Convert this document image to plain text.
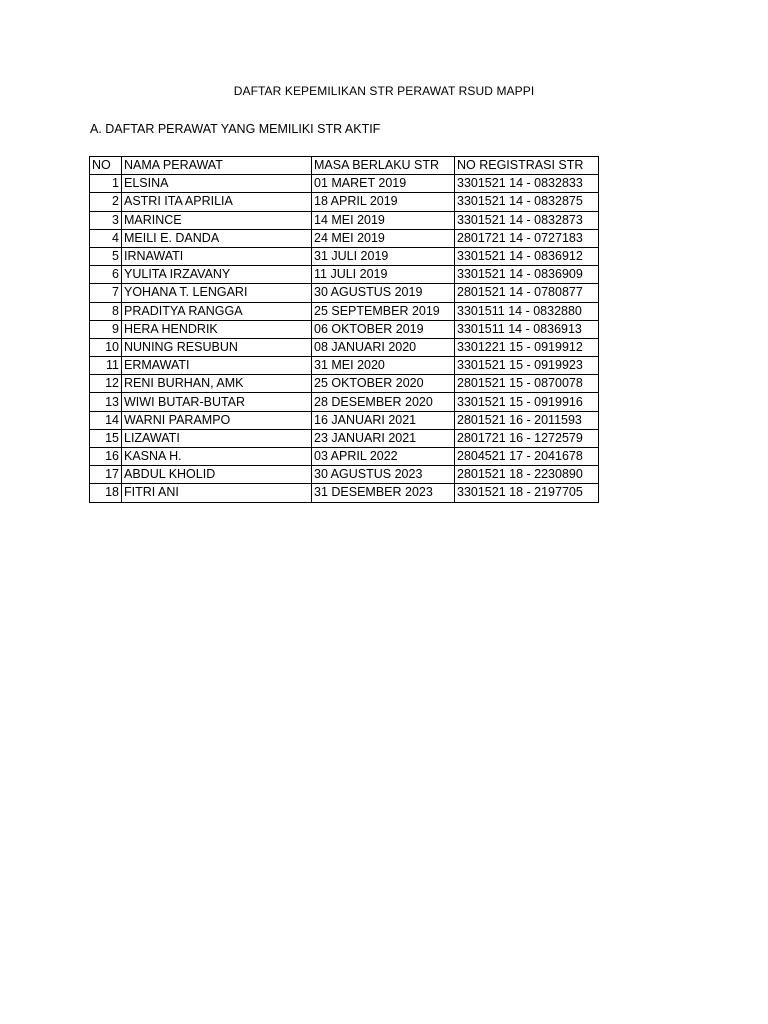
DAFTAR KEPEMILIKAN STR PERAWAT RSUD MAPPI
A. DAFTAR PERAWAT YANG MEMILIKI STR AKTIF
NO	NAMA PERAWAT	MASA BERLAKU STR	NO REGISTRASI STR
1	ELSINA	01 MARET 2019	3301521 14 - 0832833
2	ASTRI ITA APRILIA	18 APRIL 2019	3301521 14 - 0832875
3	MARINCE	14 MEI 2019	3301521 14 - 0832873
4	MEILI E. DANDA	24 MEI 2019	2801721 14 - 0727183
5	IRNAWATI	31 JULI 2019	3301521 14 - 0836912
6	YULITA IRZAVANY	11 JULI 2019	3301521 14 - 0836909
7	YOHANA T. LENGARI	30 AGUSTUS 2019	2801521 14 - 0780877
8	PRADITYA RANGGA	25 SEPTEMBER 2019	3301511 14 - 0832880
9	HERA HENDRIK	06 OKTOBER 2019	3301511 14 - 0836913
10	NUNING RESUBUN	08 JANUARI 2020	3301221 15 - 0919912
11	ERMAWATI	31 MEI 2020	3301521 15 - 0919923
12	RENI BURHAN, AMK	25 OKTOBER 2020	2801521 15 - 0870078
13	WIWI BUTAR-BUTAR	28 DESEMBER 2020	3301521 15 - 0919916
14	WARNI PARAMPO	16 JANUARI 2021	2801521 16 - 2011593
15	LIZAWATI	23 JANUARI 2021	2801721 16 - 1272579
16	KASNA H.	03 APRIL 2022	2804521 17 - 2041678
17	ABDUL KHOLID	30 AGUSTUS 2023	2801521 18 - 2230890
18	FITRI ANI	31 DESEMBER 2023	3301521 18 - 2197705
